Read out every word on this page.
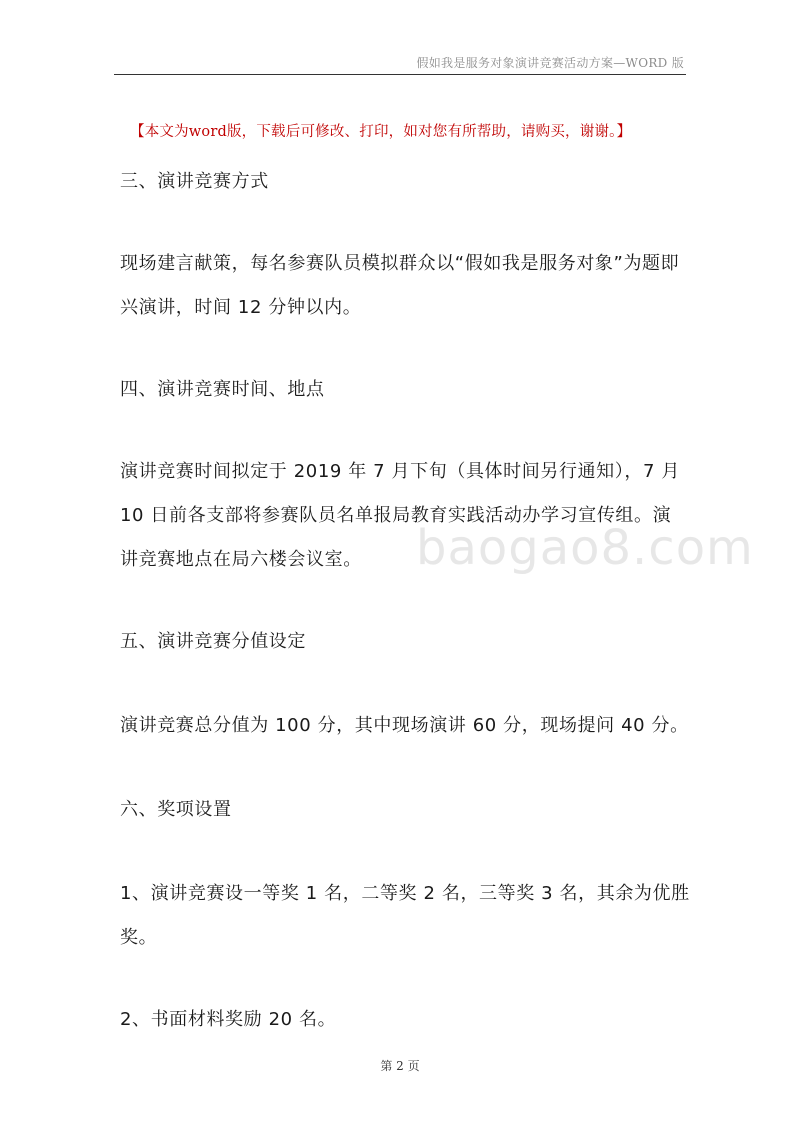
假如我是服务对象演讲竞赛活动方案—WORD 版
【本文为word版，下载后可修改、打印，如对您有所帮助，请购买，谢谢。】
三、演讲竞赛方式
现场建言献策，每名参赛队员模拟群众以“假如我是服务对象”为题即
兴演讲，时间 12 分钟以内。
四、演讲竞赛时间、地点
演讲竞赛时间拟定于 2019 年 7 月下旬（具体时间另行通知），7 月
10 日前各支部将参赛队员名单报局教育实践活动办学习宣传组。演
讲竞赛地点在局六楼会议室。
五、演讲竞赛分值设定
演讲竞赛总分值为 100 分，其中现场演讲 60 分，现场提问 40 分。
六、奖项设置
1、演讲竞赛设一等奖 1 名，二等奖 2 名，三等奖 3 名，其余为优胜
奖。
2、书面材料奖励 20 名。
baogao8.com
第 2 页
